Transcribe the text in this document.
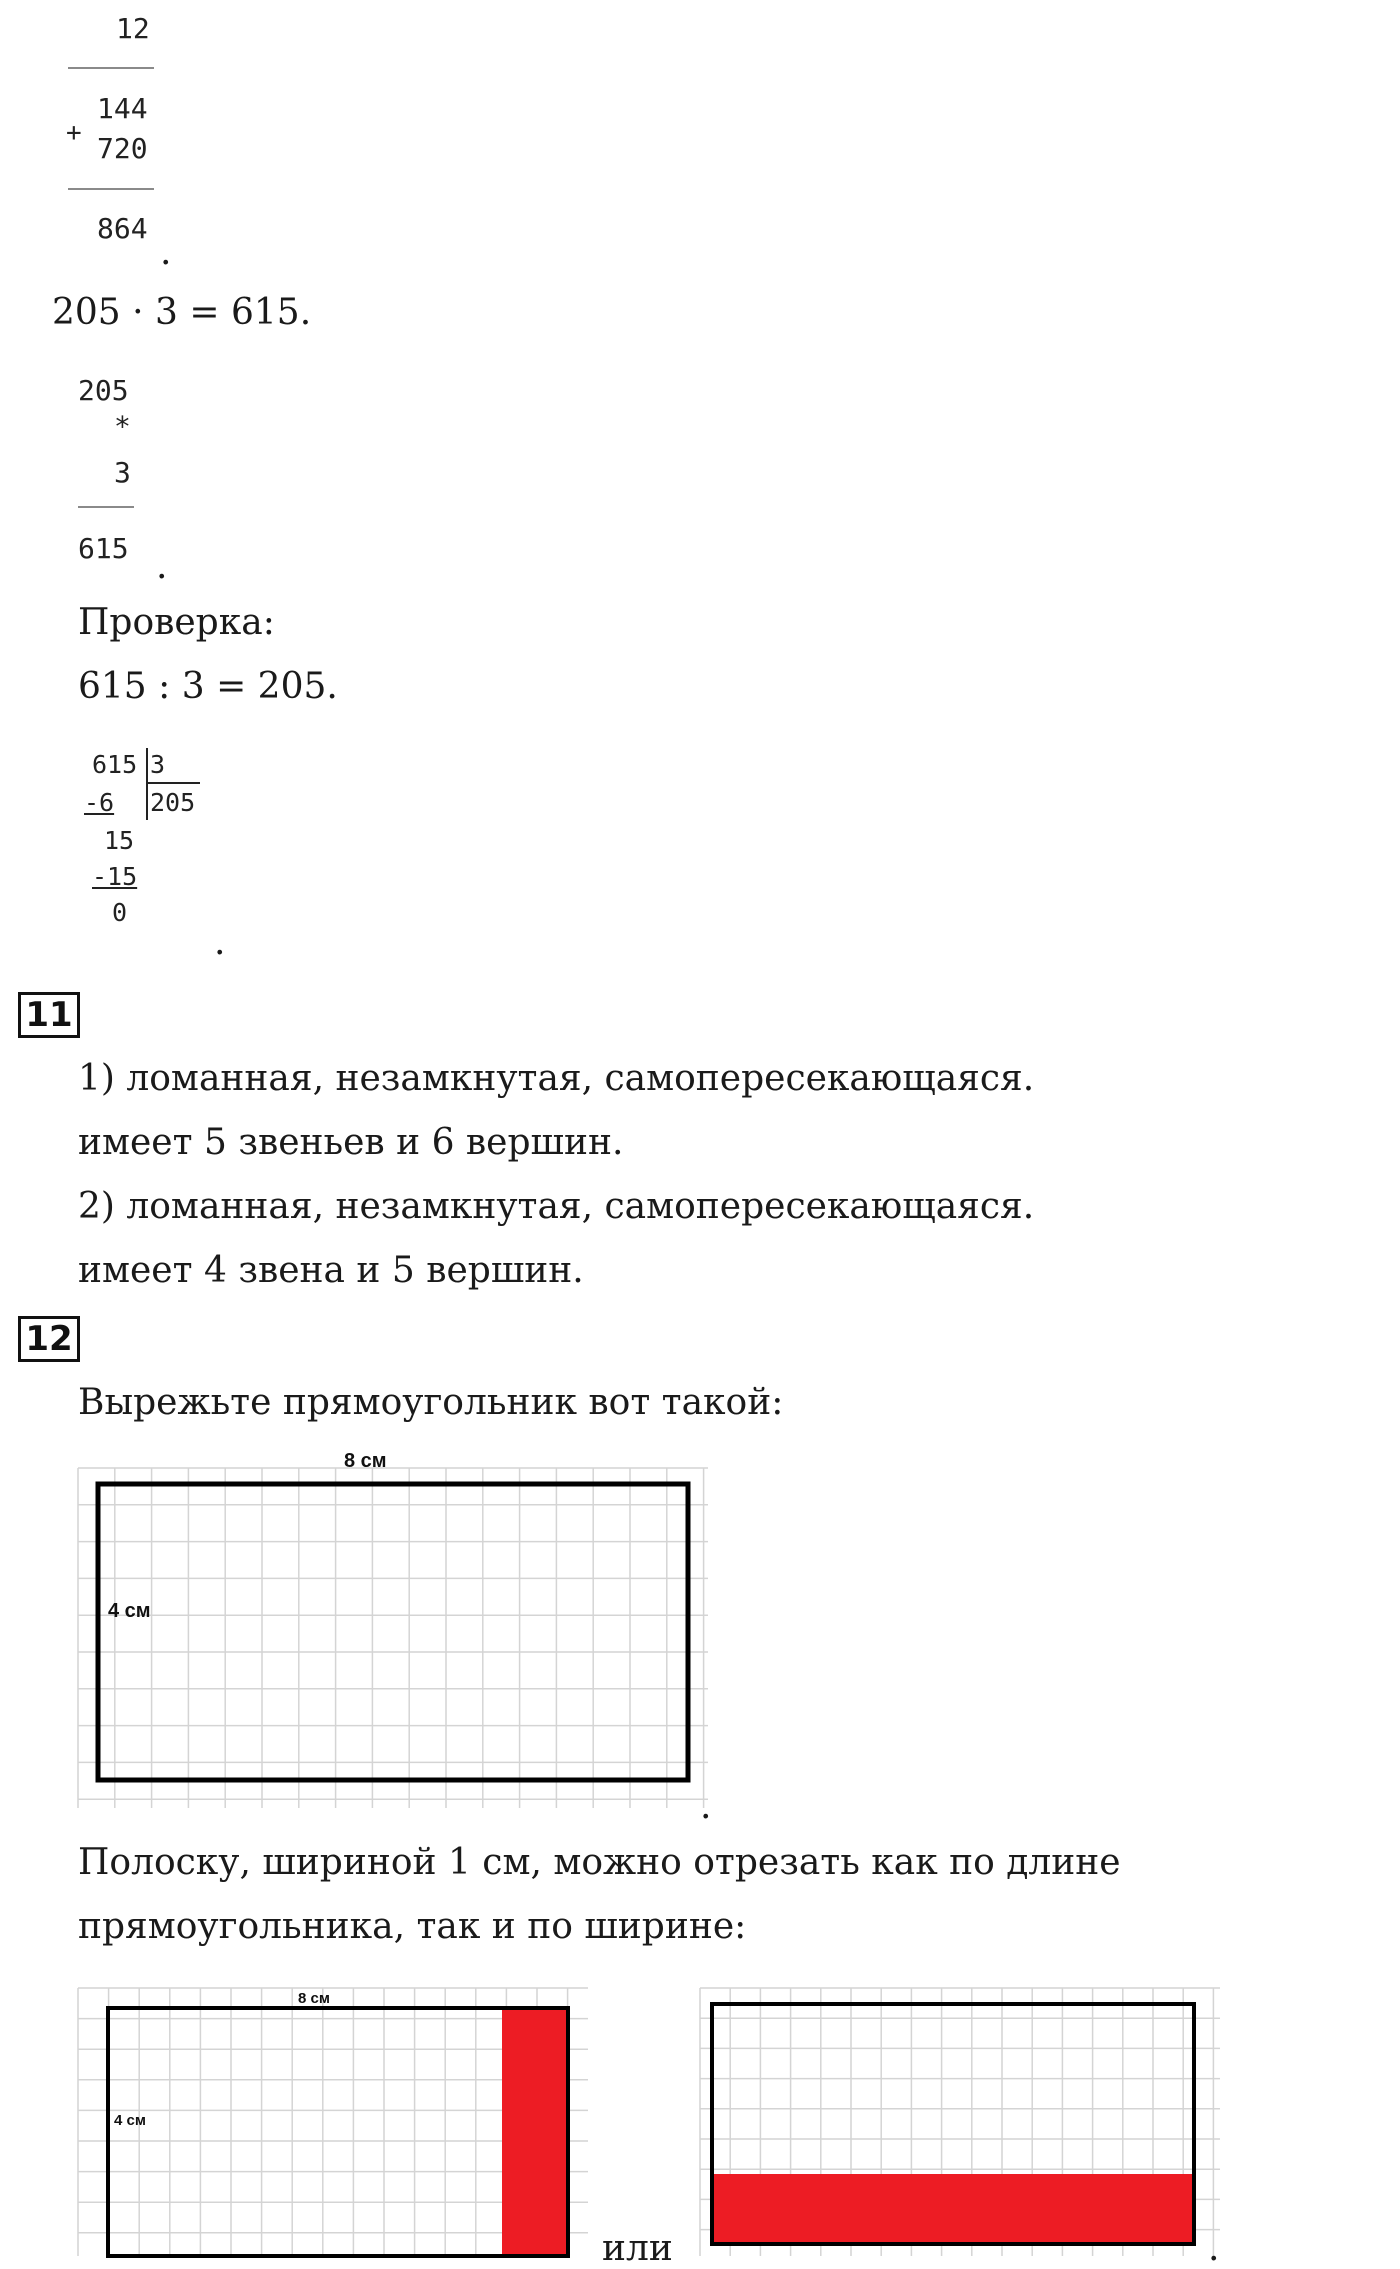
12
144
+ 720
864
.
205 · 3 = 615.
205
*
3
615 .
Проверка:
615 : 3 = 205.
615 3
205
-6
15
-15
0
.
11
1) ломанная, незамкнутая, самопересекающаяся.
имеет 5 звеньев и 6 вершин.
2) ломанная, незамкнутая, самопересекающаяся.
имеет 4 звена и 5 вершин.
12
Вырежьте прямоугольник вот такой:
8 см
4 см
.
Полоску, шириной 1 см, можно отрезать как по длине
прямоугольника, так и по ширине:
8 см
4 см
или	.
